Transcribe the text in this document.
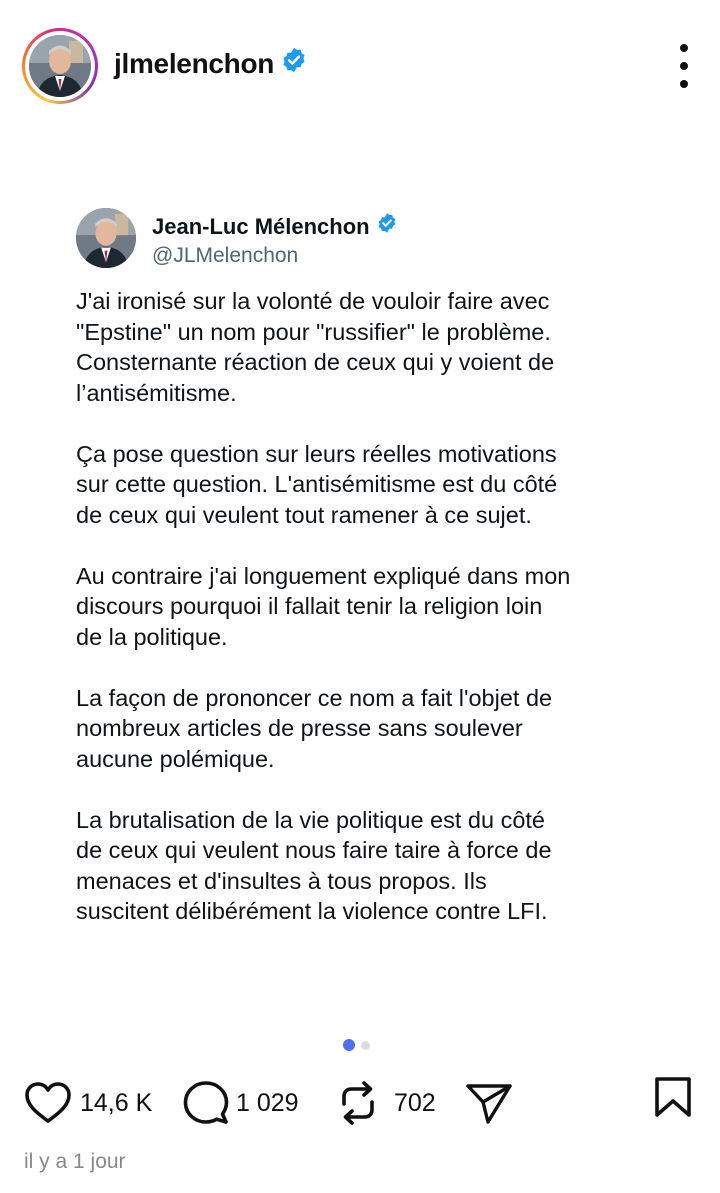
jlmelenchon
Jean-Luc Mélenchon
@JLMelenchon

J'ai ironisé sur la volonté de vouloir faire avec
"Epstine" un nom pour "russifier" le problème.
Consternante réaction de ceux qui y voient de
l’antisémitisme.

Ça pose question sur leurs réelles motivations
sur cette question. L'antisémitisme est du côté
de ceux qui veulent tout ramener à ce sujet.

Au contraire j'ai longuement expliqué dans mon
discours pourquoi il fallait tenir la religion loin
de la politique.

La façon de prononcer ce nom a fait l'objet de
nombreux articles de presse sans soulever
aucune polémique.

La brutalisation de la vie politique est du côté
de ceux qui veulent nous faire taire à force de
menaces et d'insultes à tous propos. Ils
suscitent délibérément la violence contre LFI.

14,6 K	1 029	702
il y a 1 jour
